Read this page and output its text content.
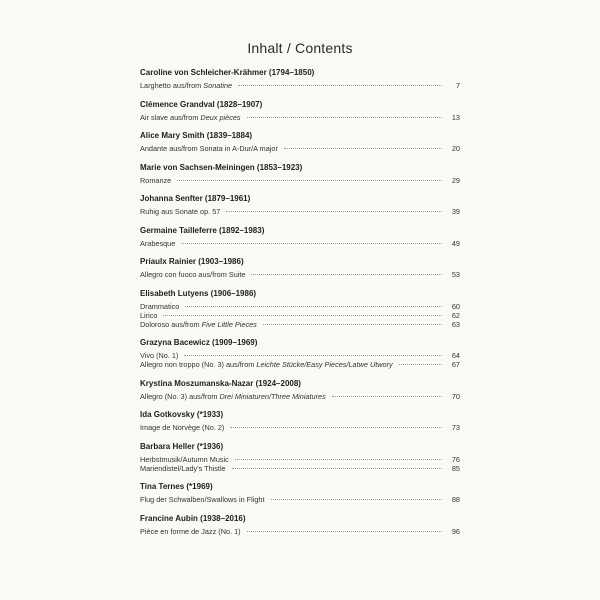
Inhalt / Contents
Caroline von Schleicher-Krähmer (1794–1850)
Larghetto aus/from Sonatine	7
Clémence Grandval (1828–1907)
Air slave aus/from Deux pièces	13
Alice Mary Smith (1839–1884)
Andante aus/from Sonata in A-Dur/A major	20
Marie von Sachsen-Meiningen (1853–1923)
Romanze	29
Johanna Senfter (1879–1961)
Ruhig aus Sonate op. 57	39
Germaine Tailleferre (1892–1983)
Arabesque	49
Priaulx Rainier (1903–1986)
Allegro con fuoco aus/from Suite	53
Elisabeth Lutyens (1906–1986)
Drammatico	60
Lirico	62
Doloroso aus/from Five Little Pieces	63
Grazyna Bacewicz (1909–1969)
Vivo (No. 1)	64
Allegro non troppo (No. 3) aus/from Leichte Stücke/Easy Pieces/Latwe Utwory	67
Krystina Moszumanska-Nazar (1924–2008)
Allegro (No. 3) aus/from Drei Miniaturen/Three Miniatures	70
Ida Gotkovsky (*1933)
Image de Norvège (No. 2)	73
Barbara Heller (*1936)
Herbstmusik/Autumn Music	76
Mariendistel/Lady's Thistle	85
Tina Ternes (*1969)
Flug der Schwalben/Swallows in Flight	88
Francine Aubin (1938–2016)
Pièce en forme de Jazz (No. 1)	96
